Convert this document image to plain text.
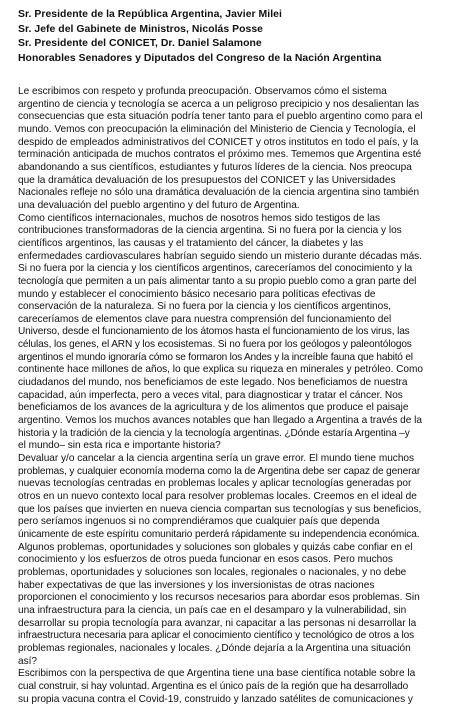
Sr. Presidente de la República Argentina, Javier Milei
Sr. Jefe del Gabinete de Ministros, Nicolás Posse
Sr. Presidente del CONICET, Dr. Daniel Salamone
Honorables Senadores y Diputados del Congreso de la Nación Argentina
Le escribimos con respeto y profunda preocupación. Observamos cómo el sistema
argentino de ciencia y tecnología se acerca a un peligroso precipicio y nos desalientan las
consecuencias que esta situación podría tener tanto para el pueblo argentino como para el
mundo. Vemos con preocupación la eliminación del Ministerio de Ciencia y Tecnología, el
despido de empleados administrativos del CONICET y otros institutos en todo el país, y la
terminación anticipada de muchos contratos el próximo mes. Tememos que Argentina esté
abandonando a sus científicos, estudiantes y futuros líderes de la ciencia. Nos preocupa
que la dramática devaluación de los presupuestos del CONICET y las Universidades
Nacionales refleje no sólo una dramática devaluación de la ciencia argentina sino también
una devaluación del pueblo argentino y del futuro de Argentina.
Como científicos internacionales, muchos de nosotros hemos sido testigos de las
contribuciones transformadoras de la ciencia argentina. Si no fuera por la ciencia y los
científicos argentinos, las causas y el tratamiento del cáncer, la diabetes y las
enfermedades cardiovasculares habrían seguido siendo un misterio durante décadas más.
Si no fuera por la ciencia y los científicos argentinos, careceríamos del conocimiento y la
tecnología que permiten a un país alimentar tanto a su propio pueblo como a gran parte del
mundo y establecer el conocimiento básico necesario para políticas efectivas de
conservación de la naturaleza. Si no fuera por la ciencia y los científicos argentinos,
careceríamos de elementos clave para nuestra comprensión del funcionamiento del
Universo, desde el funcionamiento de los átomos hasta el funcionamiento de los virus, las
células, los genes, el ARN y los ecosistemas. Si no fuera por los geólogos y paleontólogos
argentinos el mundo ignoraría cómo se formaron los Andes y la increíble fauna que habitó el
continente hace millones de años, lo que explica su riqueza en minerales y petróleo. Como
ciudadanos del mundo, nos beneficiamos de este legado. Nos beneficiamos de nuestra
capacidad, aún imperfecta, pero a veces vital, para diagnosticar y tratar el cáncer. Nos
beneficiamos de los avances de la agricultura y de los alimentos que produce el paisaje
argentino. Vemos los muchos avances notables que han llegado a Argentina a través de la
historia y la tradición de la ciencia y la tecnología argentinas. ¿Dónde estaría Argentina –y
el mundo– sin esta rica e importante historia?
Devaluar y/o cancelar a la ciencia argentina sería un grave error. El mundo tiene muchos
problemas, y cualquier economía moderna como la de Argentina debe ser capaz de generar
nuevas tecnologías centradas en problemas locales y aplicar tecnologías generadas por
otros en un nuevo contexto local para resolver problemas locales. Creemos en el ideal de
que los países que invierten en nueva ciencia compartan sus tecnologías y sus beneficios,
pero seríamos ingenuos si no comprendiéramos que cualquier país que dependa
únicamente de este espíritu comunitario perderá rápidamente su independencia económica.
Algunos problemas, oportunidades y soluciones son globales y quizás cabe confiar en el
conocimiento y los esfuerzos de otros pueda funcionar en esos casos. Pero muchos
problemas, oportunidades y soluciones son locales, regionales o nacionales, y no debe
haber expectativas de que las inversiones y los inversionistas de otras naciones
proporcionen el conocimiento y los recursos necesarios para abordar esos problemas. Sin
una infraestructura para la ciencia, un país cae en el desamparo y la vulnerabilidad, sin
desarrollar su propia tecnología para avanzar, ni capacitar a las personas ni desarrollar la
infraestructura necesaria para aplicar el conocimiento científico y tecnológico de otros a los
problemas regionales, nacionales y locales. ¿Dónde dejaría a la Argentina una situación
así?
Escribimos con la perspectiva de que Argentina tiene una base científica notable sobre la
cual construir, si hay voluntad. Argentina es el único país de la región que ha desarrollado
su propia vacuna contra el Covid-19, construido y lanzado satélites de comunicaciones y
